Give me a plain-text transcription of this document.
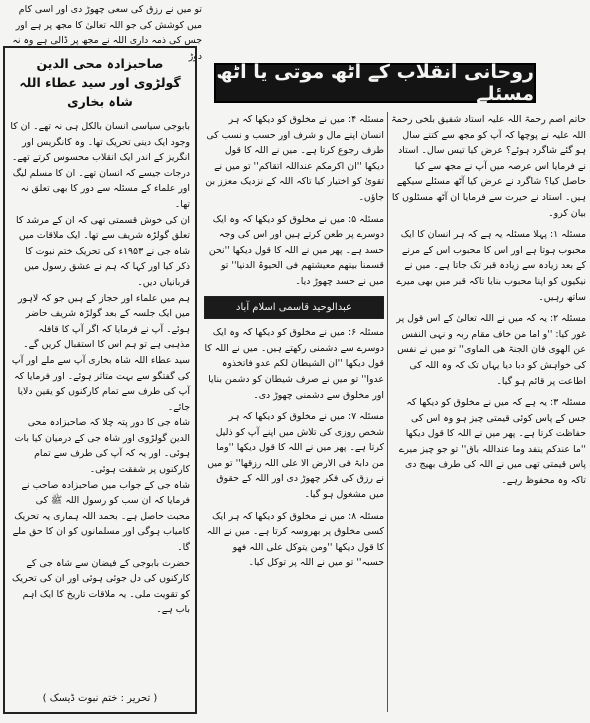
تو میں نے رزق کی سعی چھوڑ دی اور اسی کام میں کوشش کی جو اللہ تعالیٰ کا مجھ پر ہے اور جس کی ذمہ داری اللہ نے مجھ پر ڈالی ہے وہ نہ دوڑ

صاحبزادہ محی الدین گولڑوی اور سید عطاء اللہ شاہ بخاری

بابوجی سیاسی انسان بالکل ہی نہ تھے۔ ان کا وجود ایک دینی تحریک تھا۔ وہ کانگریس اور انگریز کے اندر ایک انقلاب محسوس کرتے تھے۔ درجات جیسے کہ انسان تھے۔ ان کا مسلم لیگ اور علماء کے مسئلہ سے دور کا بھی تعلق نہ تھا۔

ان کی خوش قسمتی تھی کہ ان کے مرشد کا تعلق گولڑہ شریف سے تھا۔ ایک ملاقات میں شاہ جی نے ۱۹۵۳ء کی تحریک ختم نبوت کا ذکر کیا اور کہا کہ ہم نے عشق رسول میں قربانیاں دیں۔

ہم میں علماء اور حجاز کے ہیں جو کہ لاہور میں ایک جلسہ کے بعد گولڑہ شریف حاضر ہوئے۔ آپ نے فرمایا کہ اگر آپ کا قافلہ مذہبی ہے تو ہم اس کا استقبال کریں گے۔

سید عطاء اللہ شاہ بخاری آپ سے ملے اور آپ کی گفتگو سے بہت متاثر ہوئے۔ اور فرمایا کہ آپ کی طرف سے تمام کارکنوں کو یقین دلایا جائے۔

شاہ جی کا دور پتہ چلا کہ صاحبزادہ محی الدین گولڑوی اور شاہ جی کے درمیان کیا بات ہوئی۔ اور یہ کہ آپ کی طرف سے تمام کارکنوں پر شفقت ہوئی۔

شاہ جی کے جواب میں صاحبزادہ صاحب نے فرمایا کہ ان سب کو رسول اللہ ﷺ کی محبت حاصل ہے۔ بحمد اللہ ہماری یہ تحریک کامیاب ہوگی اور مسلمانوں کو ان کا حق ملے گا۔

حضرت بابوجی کے فیضان سے شاہ جی کے کارکنوں کی دل جوئی ہوئی اور ان کی تحریک کو تقویت ملی۔ یہ ملاقات تاریخ کا ایک اہم باب ہے۔

( تحریر : ختم نبوت ڈیسک )
روحانی انقلاب کے آٹھ موتی یا آٹھ مسئلے

حاتم اصم رحمۃ اللہ علیہ استاد شفیق بلخی رحمۃ اللہ علیہ نے پوچھا کہ آپ کو مجھ سے کتنے سال ہو گئے شاگرد ہوئے؟ عرض کیا تیس سال۔ استاد نے فرمایا اس عرصہ میں آپ نے مجھ سے کیا حاصل کیا؟ شاگرد نے عرض کیا آٹھ مسئلے سیکھے ہیں۔ استاد نے حیرت سے فرمایا ان آٹھ مسئلوں کا بیان کرو۔

مسئلہ ۱: پہلا مسئلہ یہ ہے کہ ہر انسان کا ایک محبوب ہوتا ہے اور اس کا محبوب اس کے مرنے کے بعد زیادہ سے زیادہ قبر تک جاتا ہے۔ میں نے نیکیوں کو اپنا محبوب بنایا تاکہ قبر میں بھی میرے ساتھ رہیں۔

مسئلہ ۲: یہ کہ میں نے اللہ تعالیٰ کے اس قول پر غور کیا: ''و اما من خاف مقام ربہ و نہی النفس عن الھوی فان الجنۃ ھی الماوی'' تو میں نے نفس کی خواہش کو دبا دیا یہاں تک کہ وہ اللہ کی اطاعت پر قائم ہو گیا۔

مسئلہ ۳: یہ ہے کہ میں نے مخلوق کو دیکھا کہ جس کے پاس کوئی قیمتی چیز ہو وہ اس کی حفاظت کرتا ہے۔ پھر میں نے اللہ کا قول دیکھا ''ما عندکم ینفد وما عنداللہ باق'' تو جو چیز میرے پاس قیمتی تھی میں نے اللہ کی طرف بھیج دی تاکہ وہ محفوظ رہے۔

مسئلہ ۴: میں نے مخلوق کو دیکھا کہ ہر انسان اپنے مال و شرف اور حسب و نسب کی طرف رجوع کرتا ہے۔ میں نے اللہ کا قول دیکھا ''ان اکرمکم عنداللہ اتقاکم'' تو میں نے تقویٰ کو اختیار کیا تاکہ اللہ کے نزدیک معزز بن جاؤں۔

مسئلہ ۵: میں نے مخلوق کو دیکھا کہ وہ ایک دوسرے پر طعن کرتے ہیں اور اس کی وجہ حسد ہے۔ پھر میں نے اللہ کا قول دیکھا ''نحن قسمنا بینھم معیشتھم فی الحیوۃ الدنیا'' تو میں نے حسد چھوڑ دیا۔

عبدالوحید قاسمی اسلام آباد

مسئلہ ۶: میں نے مخلوق کو دیکھا کہ وہ ایک دوسرے سے دشمنی رکھتے ہیں۔ میں نے اللہ کا قول دیکھا ''ان الشیطان لکم عدو فاتخذوہ عدوا'' تو میں نے صرف شیطان کو دشمن بنایا اور مخلوق سے دشمنی چھوڑ دی۔

مسئلہ ۷: میں نے مخلوق کو دیکھا کہ ہر شخص روزی کی تلاش میں اپنے آپ کو ذلیل کرتا ہے۔ پھر میں نے اللہ کا قول دیکھا ''وما من دابۃ فی الارض الا علی اللہ رزقھا'' تو میں نے رزق کی فکر چھوڑ دی اور اللہ کے حقوق میں مشغول ہو گیا۔

مسئلہ ۸: میں نے مخلوق کو دیکھا کہ ہر ایک کسی مخلوق پر بھروسہ کرتا ہے۔ میں نے اللہ کا قول دیکھا ''ومن یتوکل علی اللہ فھو حسبہ'' تو میں نے اللہ پر توکل کیا۔
